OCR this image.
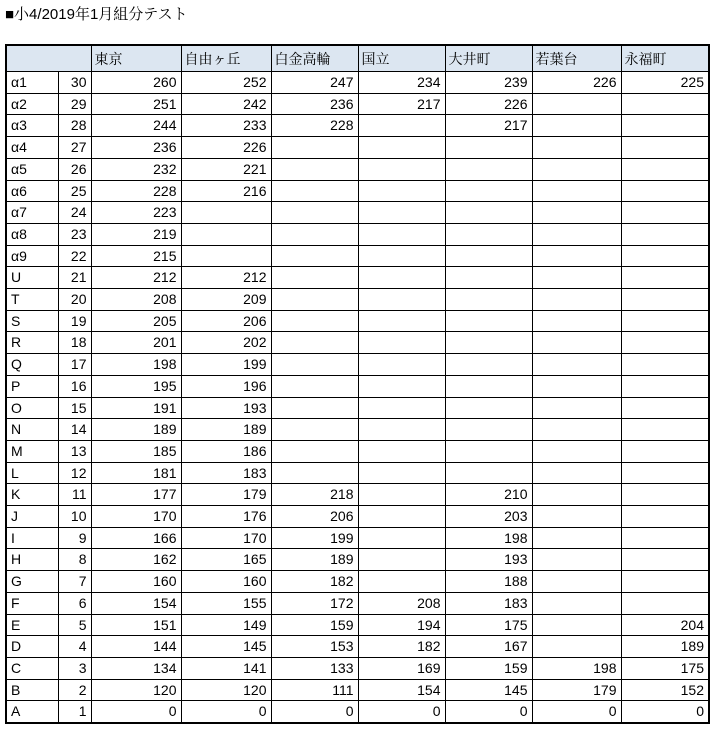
■小4/2019年1月組分テスト
		東京	自由ヶ丘	白金高輪	国立	大井町	若葉台	永福町
α1	30	260	252	247	234	239	226	225
α2	29	251	242	236	217	226		
α3	28	244	233	228		217		
α4	27	236	226					
α5	26	232	221					
α6	25	228	216					
α7	24	223						
α8	23	219						
α9	22	215						
U	21	212	212					
T	20	208	209					
S	19	205	206					
R	18	201	202					
Q	17	198	199					
P	16	195	196					
O	15	191	193					
N	14	189	189					
M	13	185	186					
L	12	181	183					
K	11	177	179	218		210		
J	10	170	176	206		203		
I	9	166	170	199		198		
H	8	162	165	189		193		
G	7	160	160	182		188		
F	6	154	155	172	208	183		
E	5	151	149	159	194	175		204
D	4	144	145	153	182	167		189
C	3	134	141	133	169	159	198	175
B	2	120	120	111	154	145	179	152
A	1	0	0	0	0	0	0	0
